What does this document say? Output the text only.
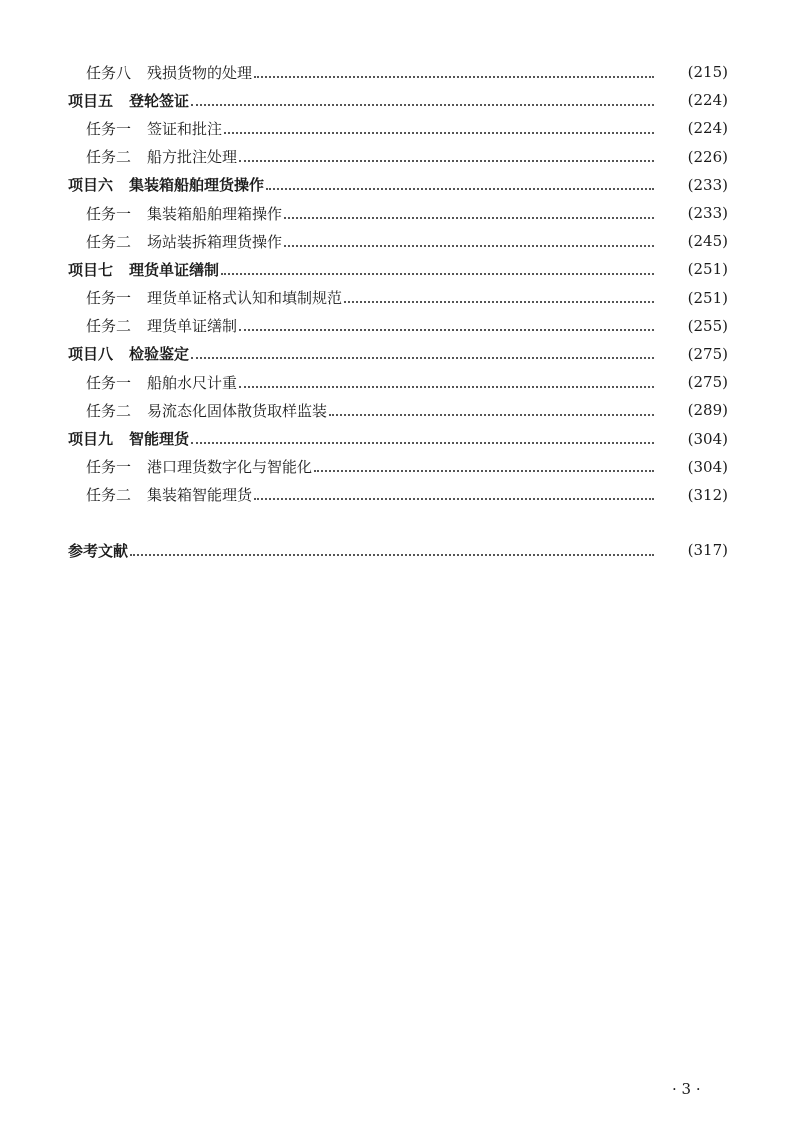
任务八 残损货物的处理	(215)
项目五 登轮签证	(224)
任务一 签证和批注	(224)
任务二 船方批注处理	(226)
项目六 集装箱船舶理货操作	(233)
任务一 集装箱船舶理箱操作	(233)
任务二 场站装拆箱理货操作	(245)
项目七 理货单证缮制	(251)
任务一 理货单证格式认知和填制规范	(251)
任务二 理货单证缮制	(255)
项目八 检验鉴定	(275)
任务一 船舶水尺计重	(275)
任务二 易流态化固体散货取样监装	(289)
项目九 智能理货	(304)
任务一 港口理货数字化与智能化	(304)
任务二 集装箱智能理货	(312)
参考文献	(317)
· 3 ·
